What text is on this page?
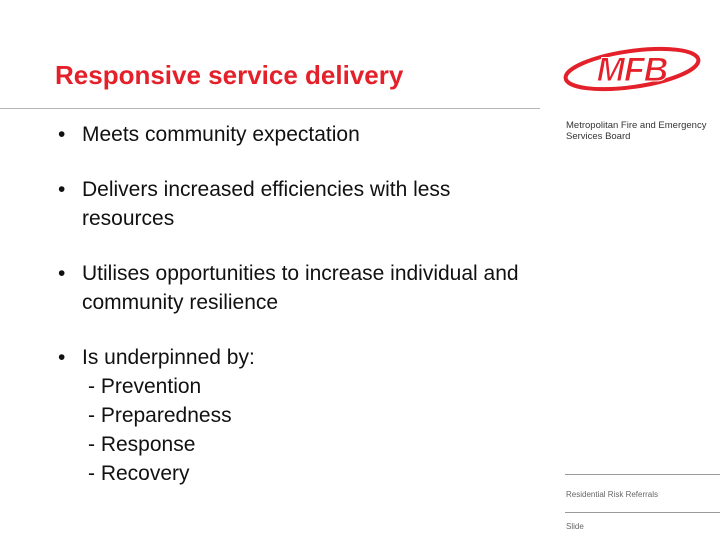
Responsive service delivery	MFB
Metropolitan Fire and Emergency Services Board
• Meets community expectation
• Delivers increased efficiencies with less resources
• Utilises opportunities to increase individual and community resilience
• Is underpinned by:
- Prevention
- Preparedness
- Response
- Recovery
Residential Risk Referrals
Slide
